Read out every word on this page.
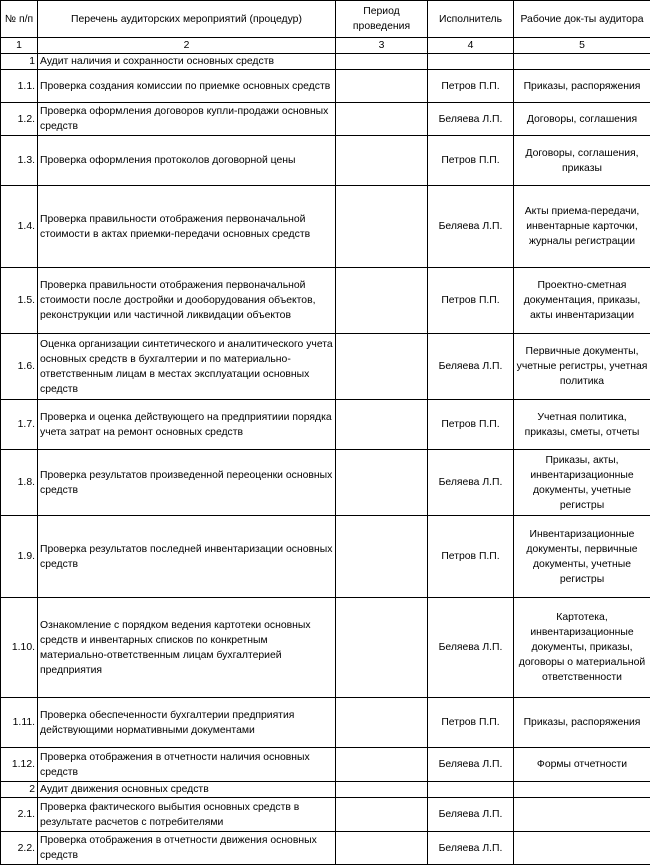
№ п/п	Перечень аудиторских мероприятий (процедур)	Период проведения	Исполнитель	Рабочие док-ты аудитора
1	2	3	4	5
1	Аудит наличия и сохранности основных средств			
1.1.	Проверка создания комиссии по приемке основных средств		Петров П.П.	Приказы, распоряжения
1.2.	Проверка оформления договоров купли-продажи основных средств		Беляева Л.П.	Договоры, соглашения
1.3.	Проверка оформления протоколов договорной цены		Петров П.П.	Договоры, соглашения, приказы
1.4.	Проверка правильности отображения первоначальной стоимости в актах приемки-передачи основных средств		Беляева Л.П.	Акты приема-передачи, инвентарные карточки, журналы регистрации
1.5.	Проверка правильности отображения первоначальной стоимости после достройки и дооборудования объектов, реконструкции или частичной ликвидации объектов		Петров П.П.	Проектно-сметная документация, приказы, акты инвентаризации
1.6.	Оценка организации синтетического и аналитического учета основных средств в бухгалтерии и по материально-ответственным лицам в местах эксплуатации основных средств		Беляева Л.П.	Первичные документы, учетные регистры, учетная политика
1.7.	Проверка и оценка действующего на предприятиии порядка учета затрат на ремонт основных средств		Петров П.П.	Учетная политика, приказы, сметы, отчеты
1.8.	Проверка результатов произведенной переоценки основных средств		Беляева Л.П.	Приказы, акты, инвентаризационные документы, учетные регистры
1.9.	Проверка результатов последней инвентаризации основных средств		Петров П.П.	Инвентаризационные документы, первичные документы, учетные регистры
1.10.	Ознакомление с порядком ведения картотеки основных средств и инвентарных списков по конкретным материально-ответственным лицам бухгалтерией предприятия		Беляева Л.П.	Картотека, инвентаризационные документы, приказы, договоры о материальной ответственности
1.11.	Проверка обеспеченности бухгалтерии предприятия действующими нормативными документами		Петров П.П.	Приказы, распоряжения
1.12.	Проверка отображения в отчетности наличия основных средств		Беляева Л.П.	Формы отчетности
2	Аудит движения основных средств			
2.1.	Проверка фактического выбытия основных средств в результате расчетов с потребителями		Беляева Л.П.	
2.2.	Проверка отображения в отчетности движения основных средств		Беляева Л.П.	
